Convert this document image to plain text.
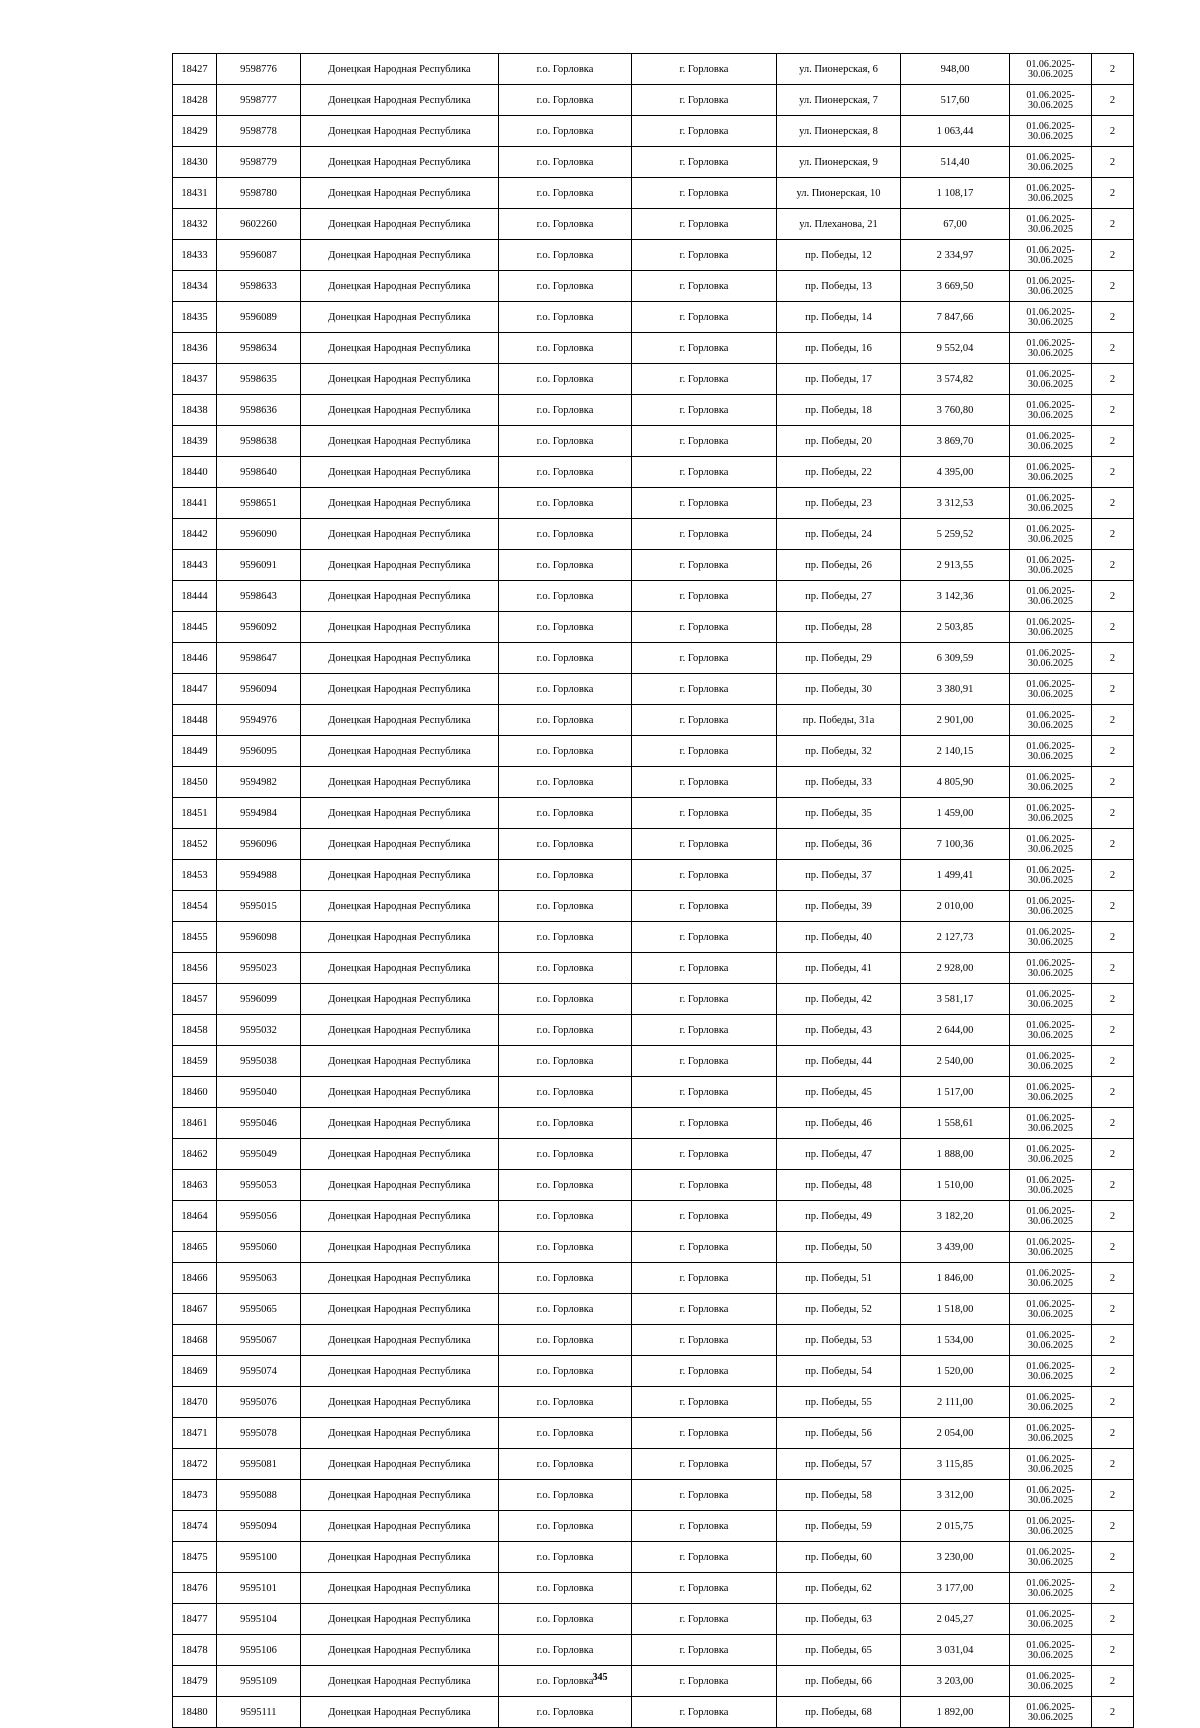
18427	9598776	Донецкая Народная Республика	г.о. Горловка	г. Горловка	ул. Пионерская, 6	948,00	01.06.2025-
30.06.2025	2
18428	9598777	Донецкая Народная Республика	г.о. Горловка	г. Горловка	ул. Пионерская, 7	517,60	01.06.2025-
30.06.2025	2
18429	9598778	Донецкая Народная Республика	г.о. Горловка	г. Горловка	ул. Пионерская, 8	1 063,44	01.06.2025-
30.06.2025	2
18430	9598779	Донецкая Народная Республика	г.о. Горловка	г. Горловка	ул. Пионерская, 9	514,40	01.06.2025-
30.06.2025	2
18431	9598780	Донецкая Народная Республика	г.о. Горловка	г. Горловка	ул. Пионерская, 10	1 108,17	01.06.2025-
30.06.2025	2
18432	9602260	Донецкая Народная Республика	г.о. Горловка	г. Горловка	ул. Плеханова, 21	67,00	01.06.2025-
30.06.2025	2
18433	9596087	Донецкая Народная Республика	г.о. Горловка	г. Горловка	пр. Победы, 12	2 334,97	01.06.2025-
30.06.2025	2
18434	9598633	Донецкая Народная Республика	г.о. Горловка	г. Горловка	пр. Победы, 13	3 669,50	01.06.2025-
30.06.2025	2
18435	9596089	Донецкая Народная Республика	г.о. Горловка	г. Горловка	пр. Победы, 14	7 847,66	01.06.2025-
30.06.2025	2
18436	9598634	Донецкая Народная Республика	г.о. Горловка	г. Горловка	пр. Победы, 16	9 552,04	01.06.2025-
30.06.2025	2
18437	9598635	Донецкая Народная Республика	г.о. Горловка	г. Горловка	пр. Победы, 17	3 574,82	01.06.2025-
30.06.2025	2
18438	9598636	Донецкая Народная Республика	г.о. Горловка	г. Горловка	пр. Победы, 18	3 760,80	01.06.2025-
30.06.2025	2
18439	9598638	Донецкая Народная Республика	г.о. Горловка	г. Горловка	пр. Победы, 20	3 869,70	01.06.2025-
30.06.2025	2
18440	9598640	Донецкая Народная Республика	г.о. Горловка	г. Горловка	пр. Победы, 22	4 395,00	01.06.2025-
30.06.2025	2
18441	9598651	Донецкая Народная Республика	г.о. Горловка	г. Горловка	пр. Победы, 23	3 312,53	01.06.2025-
30.06.2025	2
18442	9596090	Донецкая Народная Республика	г.о. Горловка	г. Горловка	пр. Победы, 24	5 259,52	01.06.2025-
30.06.2025	2
18443	9596091	Донецкая Народная Республика	г.о. Горловка	г. Горловка	пр. Победы, 26	2 913,55	01.06.2025-
30.06.2025	2
18444	9598643	Донецкая Народная Республика	г.о. Горловка	г. Горловка	пр. Победы, 27	3 142,36	01.06.2025-
30.06.2025	2
18445	9596092	Донецкая Народная Республика	г.о. Горловка	г. Горловка	пр. Победы, 28	2 503,85	01.06.2025-
30.06.2025	2
18446	9598647	Донецкая Народная Республика	г.о. Горловка	г. Горловка	пр. Победы, 29	6 309,59	01.06.2025-
30.06.2025	2
18447	9596094	Донецкая Народная Республика	г.о. Горловка	г. Горловка	пр. Победы, 30	3 380,91	01.06.2025-
30.06.2025	2
18448	9594976	Донецкая Народная Республика	г.о. Горловка	г. Горловка	пр. Победы, 31а	2 901,00	01.06.2025-
30.06.2025	2
18449	9596095	Донецкая Народная Республика	г.о. Горловка	г. Горловка	пр. Победы, 32	2 140,15	01.06.2025-
30.06.2025	2
18450	9594982	Донецкая Народная Республика	г.о. Горловка	г. Горловка	пр. Победы, 33	4 805,90	01.06.2025-
30.06.2025	2
18451	9594984	Донецкая Народная Республика	г.о. Горловка	г. Горловка	пр. Победы, 35	1 459,00	01.06.2025-
30.06.2025	2
18452	9596096	Донецкая Народная Республика	г.о. Горловка	г. Горловка	пр. Победы, 36	7 100,36	01.06.2025-
30.06.2025	2
18453	9594988	Донецкая Народная Республика	г.о. Горловка	г. Горловка	пр. Победы, 37	1 499,41	01.06.2025-
30.06.2025	2
18454	9595015	Донецкая Народная Республика	г.о. Горловка	г. Горловка	пр. Победы, 39	2 010,00	01.06.2025-
30.06.2025	2
18455	9596098	Донецкая Народная Республика	г.о. Горловка	г. Горловка	пр. Победы, 40	2 127,73	01.06.2025-
30.06.2025	2
18456	9595023	Донецкая Народная Республика	г.о. Горловка	г. Горловка	пр. Победы, 41	2 928,00	01.06.2025-
30.06.2025	2
18457	9596099	Донецкая Народная Республика	г.о. Горловка	г. Горловка	пр. Победы, 42	3 581,17	01.06.2025-
30.06.2025	2
18458	9595032	Донецкая Народная Республика	г.о. Горловка	г. Горловка	пр. Победы, 43	2 644,00	01.06.2025-
30.06.2025	2
18459	9595038	Донецкая Народная Республика	г.о. Горловка	г. Горловка	пр. Победы, 44	2 540,00	01.06.2025-
30.06.2025	2
18460	9595040	Донецкая Народная Республика	г.о. Горловка	г. Горловка	пр. Победы, 45	1 517,00	01.06.2025-
30.06.2025	2
18461	9595046	Донецкая Народная Республика	г.о. Горловка	г. Горловка	пр. Победы, 46	1 558,61	01.06.2025-
30.06.2025	2
18462	9595049	Донецкая Народная Республика	г.о. Горловка	г. Горловка	пр. Победы, 47	1 888,00	01.06.2025-
30.06.2025	2
18463	9595053	Донецкая Народная Республика	г.о. Горловка	г. Горловка	пр. Победы, 48	1 510,00	01.06.2025-
30.06.2025	2
18464	9595056	Донецкая Народная Республика	г.о. Горловка	г. Горловка	пр. Победы, 49	3 182,20	01.06.2025-
30.06.2025	2
18465	9595060	Донецкая Народная Республика	г.о. Горловка	г. Горловка	пр. Победы, 50	3 439,00	01.06.2025-
30.06.2025	2
18466	9595063	Донецкая Народная Республика	г.о. Горловка	г. Горловка	пр. Победы, 51	1 846,00	01.06.2025-
30.06.2025	2
18467	9595065	Донецкая Народная Республика	г.о. Горловка	г. Горловка	пр. Победы, 52	1 518,00	01.06.2025-
30.06.2025	2
18468	9595067	Донецкая Народная Республика	г.о. Горловка	г. Горловка	пр. Победы, 53	1 534,00	01.06.2025-
30.06.2025	2
18469	9595074	Донецкая Народная Республика	г.о. Горловка	г. Горловка	пр. Победы, 54	1 520,00	01.06.2025-
30.06.2025	2
18470	9595076	Донецкая Народная Республика	г.о. Горловка	г. Горловка	пр. Победы, 55	2 111,00	01.06.2025-
30.06.2025	2
18471	9595078	Донецкая Народная Республика	г.о. Горловка	г. Горловка	пр. Победы, 56	2 054,00	01.06.2025-
30.06.2025	2
18472	9595081	Донецкая Народная Республика	г.о. Горловка	г. Горловка	пр. Победы, 57	3 115,85	01.06.2025-
30.06.2025	2
18473	9595088	Донецкая Народная Республика	г.о. Горловка	г. Горловка	пр. Победы, 58	3 312,00	01.06.2025-
30.06.2025	2
18474	9595094	Донецкая Народная Республика	г.о. Горловка	г. Горловка	пр. Победы, 59	2 015,75	01.06.2025-
30.06.2025	2
18475	9595100	Донецкая Народная Республика	г.о. Горловка	г. Горловка	пр. Победы, 60	3 230,00	01.06.2025-
30.06.2025	2
18476	9595101	Донецкая Народная Республика	г.о. Горловка	г. Горловка	пр. Победы, 62	3 177,00	01.06.2025-
30.06.2025	2
18477	9595104	Донецкая Народная Республика	г.о. Горловка	г. Горловка	пр. Победы, 63	2 045,27	01.06.2025-
30.06.2025	2
18478	9595106	Донецкая Народная Республика	г.о. Горловка	г. Горловка	пр. Победы, 65	3 031,04	01.06.2025-
30.06.2025	2
18479	9595109	Донецкая Народная Республика	г.о. Горловка	г. Горловка	пр. Победы, 66	3 203,00	01.06.2025-
30.06.2025	2
18480	9595111	Донецкая Народная Республика	г.о. Горловка	г. Горловка	пр. Победы, 68	1 892,00	01.06.2025-
30.06.2025	2
345
